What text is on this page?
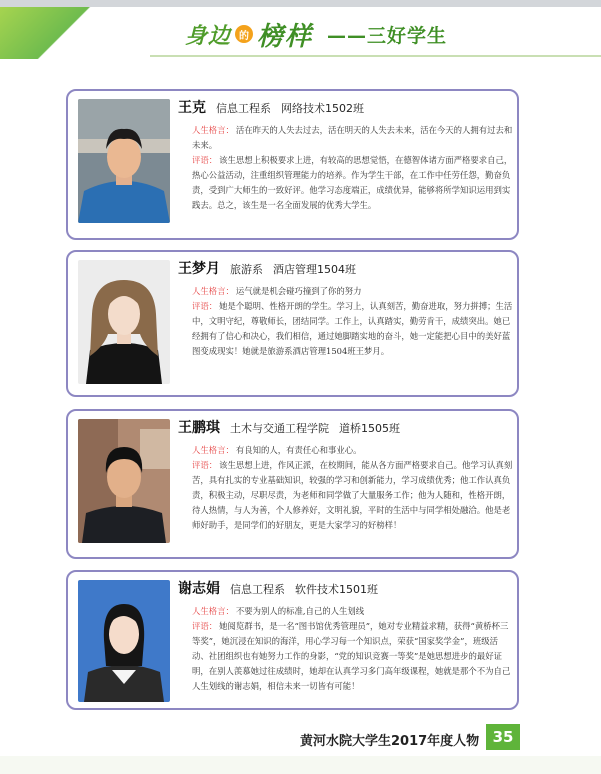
身边 的 榜样 ——三好学生
王克 信息工程系 网络技术1502班

人生格言： 活在昨天的人失去过去，活在明天的人失去未来，活在今天的人拥有过去和未来。

评语： 该生思想上积极要求上进，有较高的思想觉悟，在德智体诸方面严格要求自己，热心公益活动，注重组织管理能力的培养。作为学生干部，在工作中任劳任怨，勤奋负责，受到广大师生的一致好评。他学习态度端正，成绩优异，能够将所学知识运用到实践去。总之，该生是一名全面发展的优秀大学生。

王梦月 旅游系 酒店管理1504班

人生格言： 运气就是机会碰巧撞到了你的努力

评语： 她是个聪明、性格开朗的学生。学习上，认真刻苦，勤奋进取，努力拼搏；生活中，文明守纪，尊敬师长，团结同学。工作上，认真踏实，勤劳肯干，成绩突出。她已经拥有了信心和决心，我们相信，通过她脚踏实地的奋斗，她一定能把心目中的美好蓝图变成现实！她就是旅游系酒店管理1504班王梦月。

王鹏琪 土木与交通工程学院 道桥1505班

人生格言： 有良知的人，有责任心和事业心。

评语： 该生思想上进，作风正派，在校期间，能从各方面严格要求自己。他学习认真刻苦，具有扎实的专业基础知识，较强的学习和创新能力，学习成绩优秀；他工作认真负责，积极主动，尽职尽责，为老师和同学做了大量服务工作；他为人随和，性格开朗，待人热情，与人为善，个人修养好，文明礼貌，平时的生活中与同学相处融洽。他是老师好助手，是同学们的好朋友，更是大家学习的好榜样！

谢志娟 信息工程系 软件技术1501班

人生格言： 不要为别人的标准,自己的人生划线

评语： 她阅览群书，是一名“图书馆优秀管理员”，她对专业精益求精，获得“黄桥杯三等奖”，她沉浸在知识的海洋，用心学习每一个知识点，荣获“国家奖学金”，班级活动、社团组织也有她努力工作的身影，“党的知识竞赛一等奖”是她思想进步的最好证明，在别人羡慕她过往成绩时，她却在认真学习多门高年级课程，她就是那个不为自己人生划线的谢志娟，相信未来一切皆有可能！

黄河水院大学生2017年度人物 35
